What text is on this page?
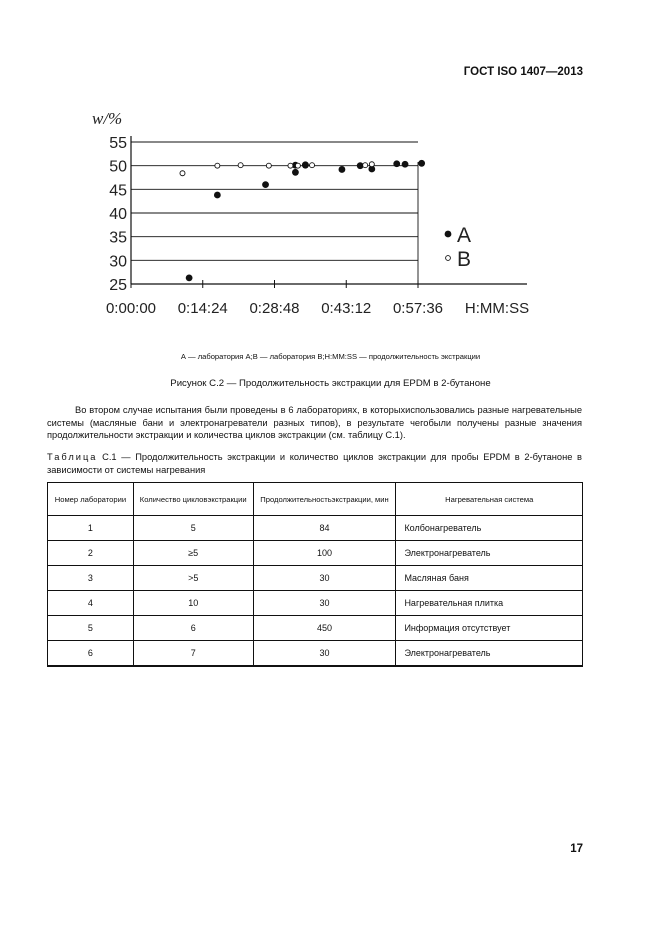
ГОСТ ISO 1407—2013
55
50
45
40
35
30
25
0:00:00 0:14:24 0:28:48 0:43:12 0:57:36 H:MM:SS
w/%
A
B
А — лаборатория А;В — лаборатория В;H:MM:SS — продолжительность экстракции
Рисунок С.2 — Продолжительность экстракции для EPDM в 2-бутаноне

Во втором случае испытания были проведены в 6 лабораториях, в которыхиспользовались разные нагревательные системы (масляные бани и электронагреватели разных типов), в результате чегобыли получены разные значения продолжительности экстракции и количества циклов экстракции (см. таблицу С.1).

Таблица С.1 — Продолжительность экстракции и количество циклов экстракции для пробы EPDM в 2-бутаноне в зависимости от системы нагревания

Номер лаборатории	Количество цикловэкстракции	Продолжительностьэкстракции, мин	Нагревательная система
1	5	84	Колбонагреватель
2	≥5	100	Электронагреватель
3	>5	30	Масляная баня
4	10	30	Нагревательная плитка
5	6	450	Информация отсутствует
6	7	30	Электронагреватель
17
